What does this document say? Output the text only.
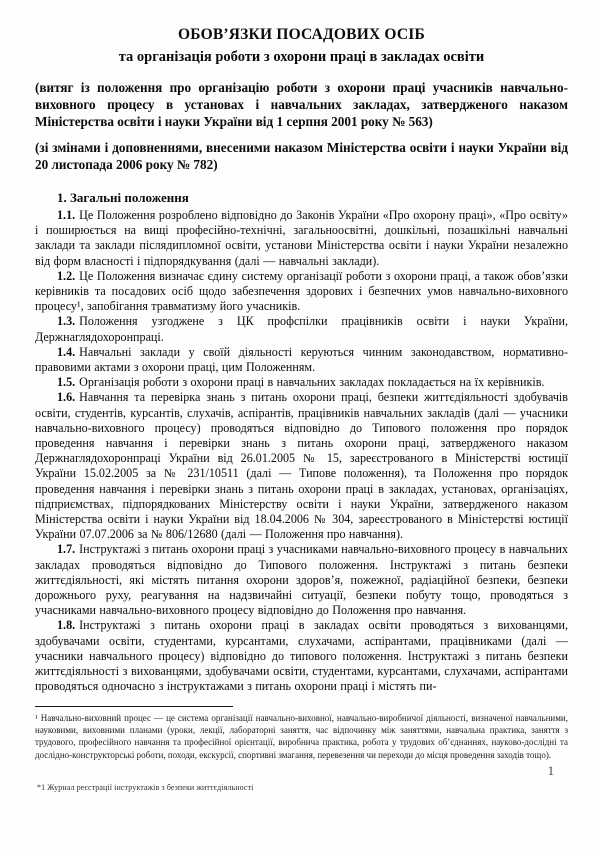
ОБОВ’ЯЗКИ ПОСАДОВИХ ОСІБ
та організація роботи з охорони праці в закладах освіти

(витяг із положення про організацію роботи з охорони праці учасників навчально-виховного процесу в установах і навчальних закладах, затвердженого наказом Міністерства освіти і науки України від 1 серпня 2001 року № 563)

(зі змінами і доповненнями, внесеними наказом Міністерства освіти і науки України від 20 листопада 2006 року № 782)

1. Загальні положення

1.1. Це Положення розроблено відповідно до Законів України «Про охорону праці», «Про освіту» і поширюється на вищі професійно-технічні, загальноосвітні, дошкільні, позашкільні навчальні заклади та заклади післядипломної освіти, установи Міністерства освіти і науки України незалежно від форм власності і підпорядкування (далі — навчальні заклади).

1.2. Це Положення визначає єдину систему організації роботи з охорони праці, а також обов’язки керівників та посадових осіб щодо забезпечення здорових і безпечних умов навчально-виховного процесу¹, запобігання травматизму його учасників.

1.3. Положення узгоджене з ЦК профспілки працівників освіти і науки України, Держнаглядохоронпраці.

1.4. Навчальні заклади у своїй діяльності керуються чинним законодавством, нормативно-правовими актами з охорони праці, цим Положенням.

1.5. Організація роботи з охорони праці в навчальних закладах покладається на їх керівників.

1.6. Навчання та перевірка знань з питань охорони праці, безпеки життєдіяльності здобувачів освіти, студентів, курсантів, слухачів, аспірантів, працівників навчальних закладів (далі — учасники навчально-виховного процесу) проводяться відповідно до Типового положення про порядок проведення навчання і перевірки знань з питань охорони праці, затвердженого наказом Держнаглядохоронпраці України від 26.01.2005 № 15, зареєстрованого в Міністерстві юстиції України 15.02.2005 за № 231/10511 (далі — Типове положення), та Положення про порядок проведення навчання і перевірки знань з питань охорони праці в закладах, установах, організаціях, підприємствах, підпорядкованих Міністерству освіти і науки України, затвердженого наказом Міністерства освіти і науки України від 18.04.2006 № 304, зареєстрованого в Міністерстві юстиції України 07.07.2006 за № 806/12680 (далі — Положення про навчання).

1.7. Інструктажі з питань охорони праці з учасниками навчально-виховного процесу в навчальних закладах проводяться відповідно до Типового положення. Інструктажі з питань безпеки життєдіяльності, які містять питання охорони здоров’я, пожежної, радіаційної безпеки, безпеки дорожнього руху, реагування на надзвичайні ситуації, безпеки побуту тощо, проводяться з учасниками навчально-виховного процесу відповідно до Положення про навчання.

1.8. Інструктажі з питань охорони праці в закладах освіти проводяться з вихованцями, здобувачами освіти, студентами, курсантами, слухачами, аспірантами, працівниками (далі — учасники навчального процесу) відповідно до типового положення. Інструктажі з питань безпеки життєдіяльності з вихованцями, здобувачами освіти, студентами, курсантами, слухачами, аспірантами проводяться одночасно з інструктажами з питань охорони праці і містять пи-

¹ Навчально-виховний процес — це система організації навчально-виховної, навчально-виробничої діяльності, визначеної навчальними, науковими, виховними планами (уроки, лекції, лабораторні заняття, час відпочинку між заняттями, навчальна практика, заняття з трудового, професійного навчання та професійної орієнтації, виробнича практика, робота у трудових об’єднаннях, науково-дослідні та дослідно-конструкторські роботи, походи, екскурсії, спортивні змагання, перевезення чи переходи до місця проведення заходів тощо).

1
*1 Журнал реєстрації інструктажів з безпеки життєдіяльності
